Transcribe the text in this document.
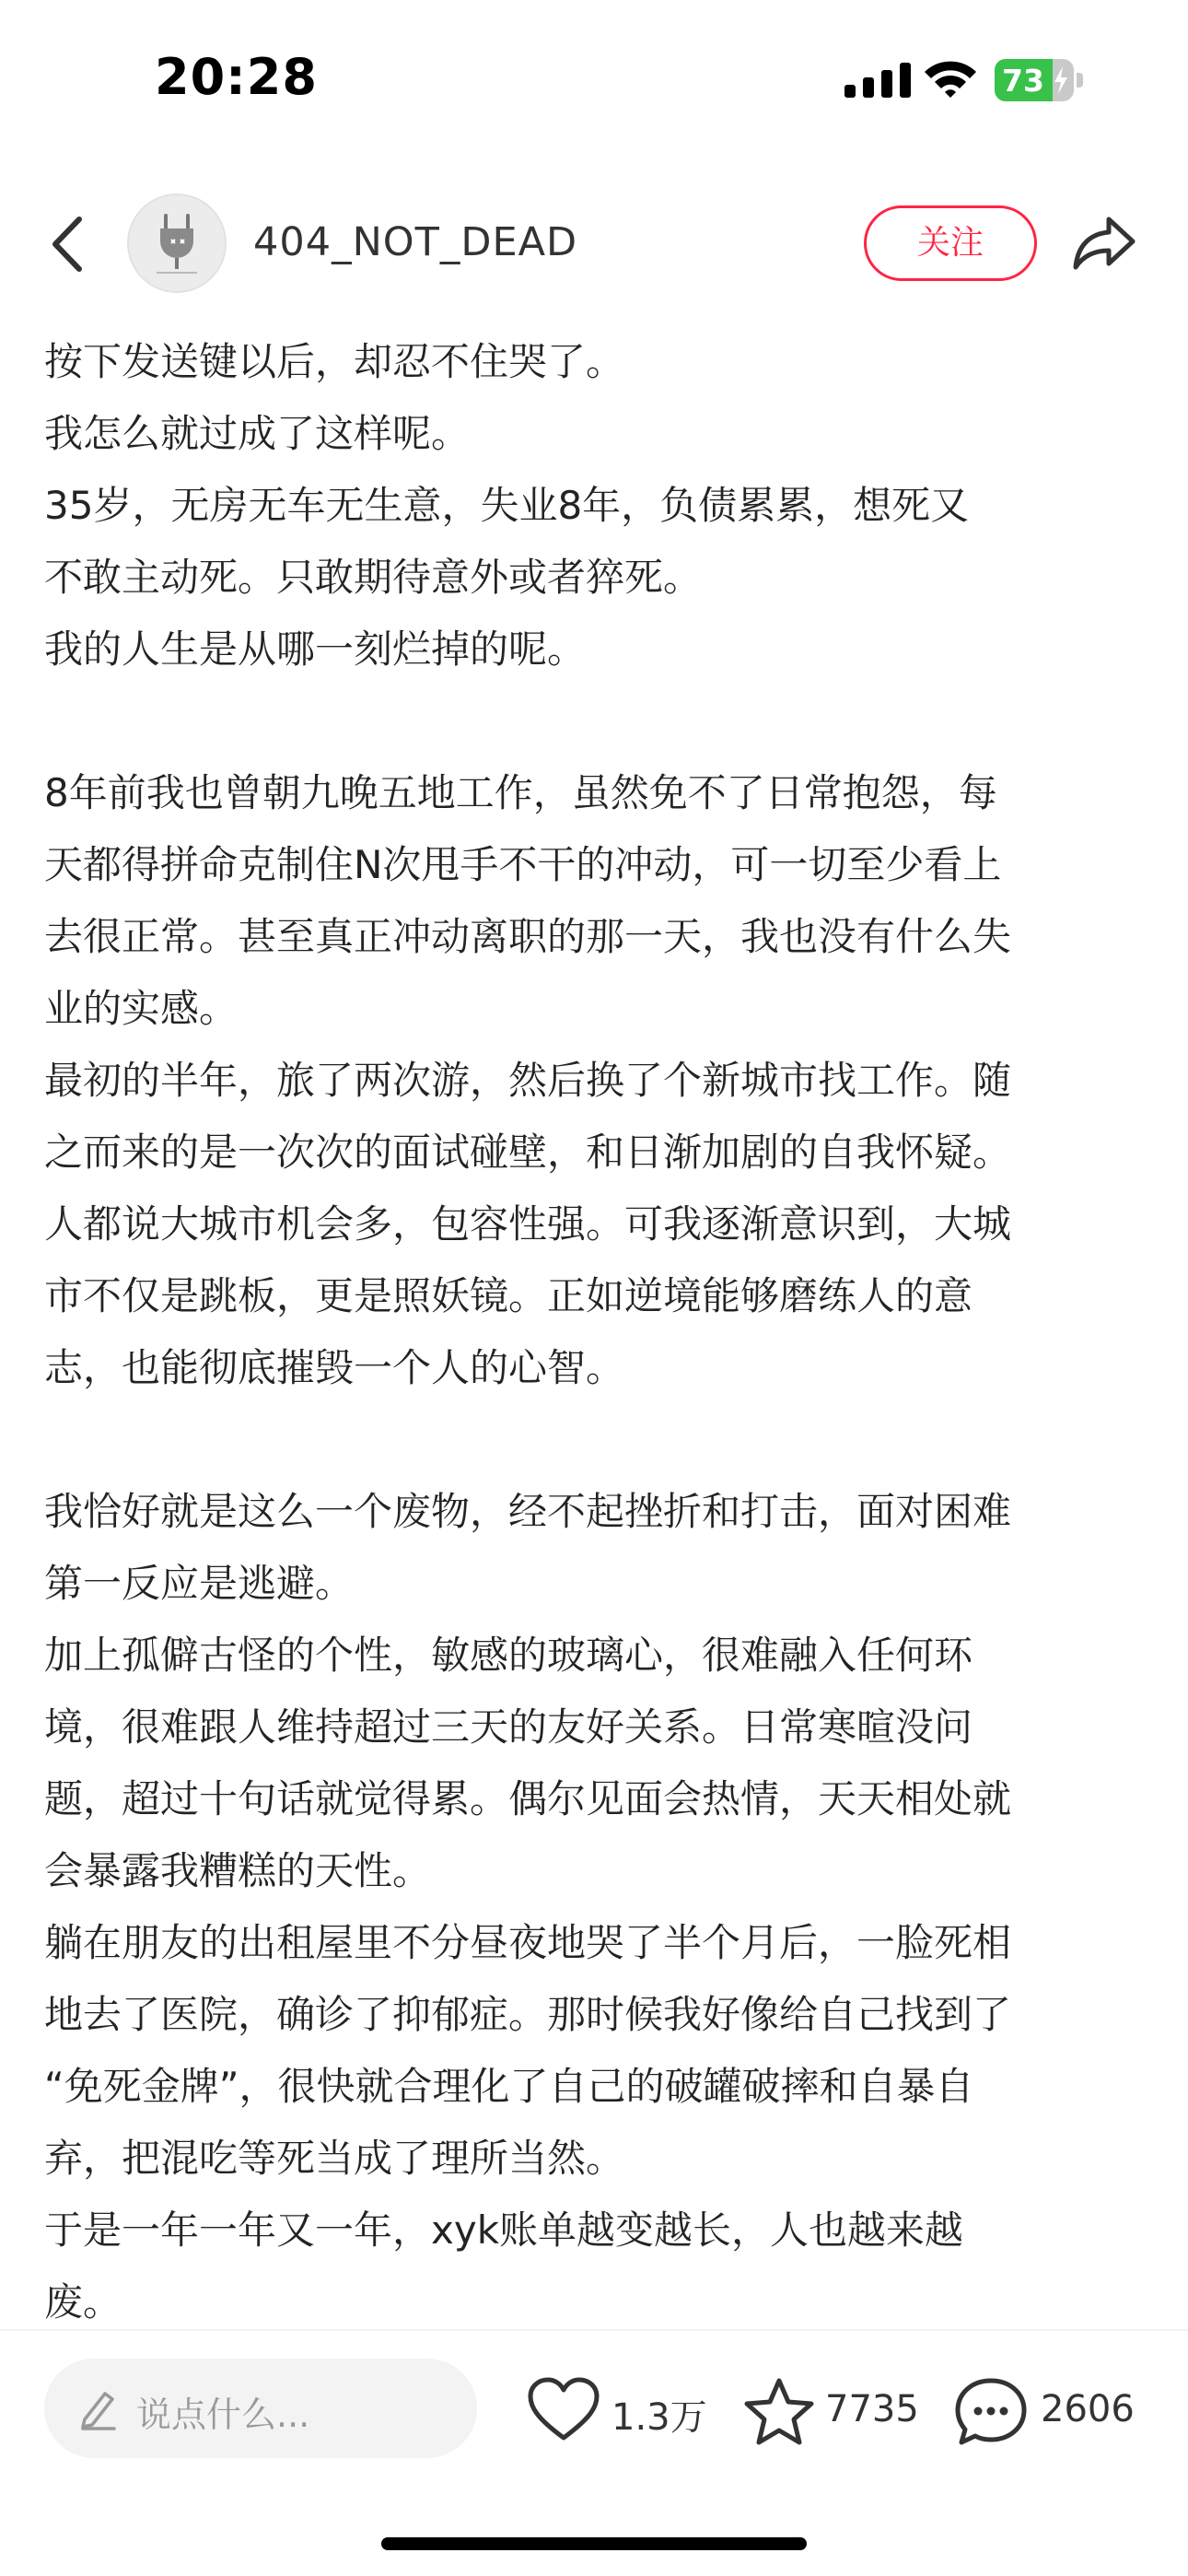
20:28	73
404_NOT_DEAD	关注

按下发送键以后，却忍不住哭了。

我怎么就过成了这样呢。

35岁，无房无车无生意，失业8年，负债累累，想死又

不敢主动死。只敢期待意外或者猝死。

我的人生是从哪一刻烂掉的呢。

8年前我也曾朝九晚五地工作，虽然免不了日常抱怨，每

天都得拼命克制住N次甩手不干的冲动，可一切至少看上

去很正常。甚至真正冲动离职的那一天，我也没有什么失

业的实感。

最初的半年，旅了两次游，然后换了个新城市找工作。随

之而来的是一次次的面试碰壁，和日渐加剧的自我怀疑。

人都说大城市机会多，包容性强。可我逐渐意识到，大城

市不仅是跳板，更是照妖镜。正如逆境能够磨练人的意

志，也能彻底摧毁一个人的心智。

我恰好就是这么一个废物，经不起挫折和打击，面对困难

第一反应是逃避。

加上孤僻古怪的个性，敏感的玻璃心，很难融入任何环

境，很难跟人维持超过三天的友好关系。日常寒暄没问

题，超过十句话就觉得累。偶尔见面会热情，天天相处就

会暴露我糟糕的天性。

躺在朋友的出租屋里不分昼夜地哭了半个月后，一脸死相

地去了医院，确诊了抑郁症。那时候我好像给自己找到了

“免死金牌”，很快就合理化了自己的破罐破摔和自暴自

弃，把混吃等死当成了理所当然。

于是一年一年又一年，xyk账单越变越长，人也越来越

废。

说点什么...	1.3万	7735	2606
